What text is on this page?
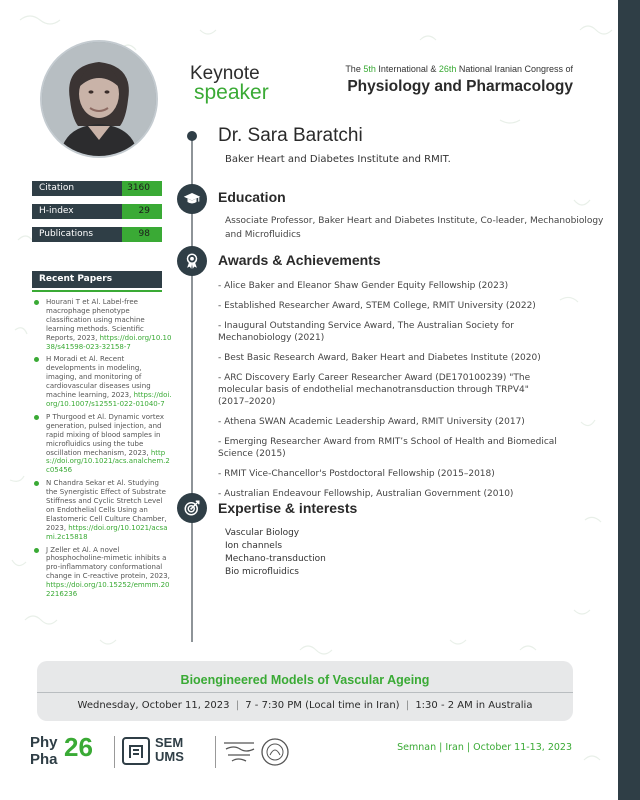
Keynote
speaker
The 5th International & 26th National Iranian Congress of
Physiology and Pharmacology
Dr. Sara Baratchi
Baker Heart and Diabetes Institute and RMIT.
Education
Associate Professor, Baker Heart and Diabetes Institute, Co-leader, Mechanobiology
and Microfluidics
Awards & Achievements
- Alice Baker and Eleanor Shaw Gender Equity Fellowship (2023)
- Established Researcher Award, STEM College, RMIT University (2022)
- Inaugural Outstanding Service Award, The Australian Society for Mechanobiology (2021)
- Best Basic Research Award, Baker Heart and Diabetes Institute (2020)
- ARC Discovery Early Career Researcher Award (DE170100239) "The molecular basis of endothelial mechanotransduction through TRPV4" (2017–2020)
- Athena SWAN Academic Leadership Award, RMIT University (2017)
- Emerging Researcher Award from RMIT’s School of Health and Biomedical Science (2015)
- RMIT Vice-Chancellor's Postdoctoral Fellowship (2015–2018)
- Australian Endeavour Fellowship, Australian Government (2010)
Expertise & interests
Vascular Biology
Ion channels
Mechano-transduction
Bio microfluidics
Citation	3160
H-index	29
Publications	98
Recent Papers
Hourani T et Al. Label-free macrophage phenotype classification using machine learning methods. Scientific Reports, 2023, https://doi.org/10.1038/s41598-023-32158-7
H Moradi et Al. Recent developments in modeling, imaging, and monitoring of cardiovascular diseases using machine learning, 2023, https://doi.org/10.1007/s12551-022-01040-7
P Thurgood et Al. Dynamic vortex generation, pulsed injection, and rapid mixing of blood samples in microfluidics using the tube oscillation mechanism, 2023, https://doi.org/10.1021/acs.analchem.2c05456
N Chandra Sekar et Al. Studying the Synergistic Effect of Substrate Stiffness and Cyclic Stretch Level on Endothelial Cells Using an Elastomeric Cell Culture Chamber, 2023, https://doi.org/10.1021/acsami.2c15818
J Zeller et Al. A novel phosphocholine-mimetic inhibits a pro-inflammatory conformational change in C-reactive protein, 2023, https://doi.org/10.15252/emmm.202216236
Bioengineered Models of Vascular Ageing
Wednesday, October 11, 2023 | 7 - 7:30 PM (Local time in Iran) | 1:30 - 2 AM in Australia
Phy
Pha 26	SEM
UMS
Semnan | Iran | October 11-13, 2023
